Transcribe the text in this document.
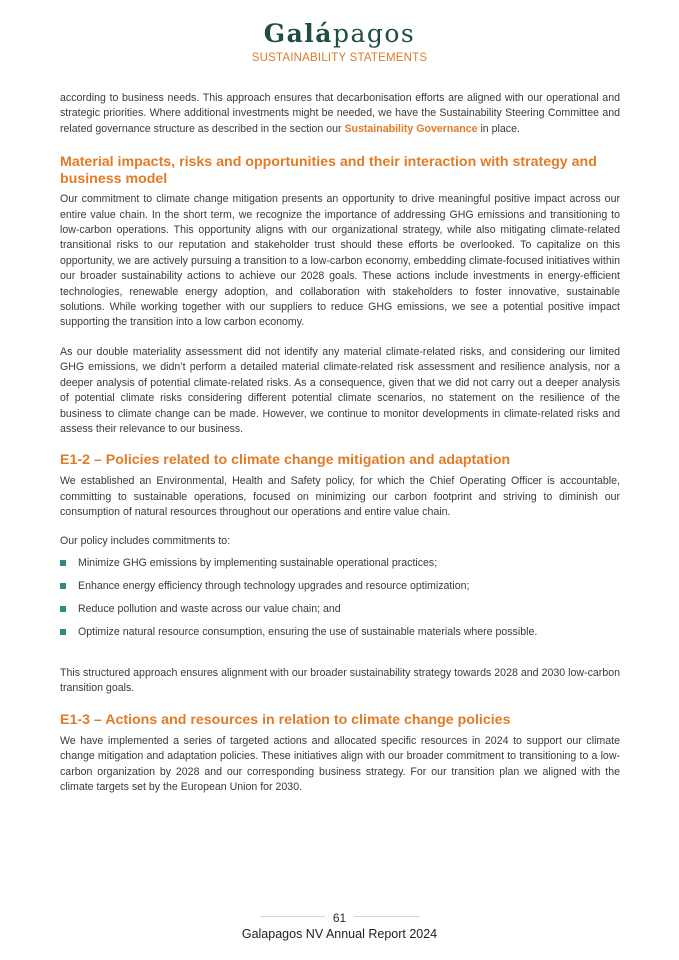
Galápagos
SUSTAINABILITY STATEMENTS

according to business needs. This approach ensures that decarbonisation efforts are aligned with our operational and strategic priorities. Where additional investments might be needed, we have the Sustainability Steering Committee and related governance structure as described in the section our Sustainability Governance in place.

Material impacts, risks and opportunities and their interaction with strategy and business model

Our commitment to climate change mitigation presents an opportunity to drive meaningful positive impact across our entire value chain. In the short term, we recognize the importance of addressing GHG emissions and transitioning to low-carbon operations. This opportunity aligns with our organizational strategy, while also mitigating climate-related transitional risks to our reputation and stakeholder trust should these efforts be overlooked. To capitalize on this opportunity, we are actively pursuing a transition to a low-carbon economy, embedding climate-focused initiatives within our broader sustainability actions to achieve our 2028 goals. These actions include investments in energy-efficient technologies, renewable energy adoption, and collaboration with stakeholders to foster innovative, sustainable solutions. While working together with our suppliers to reduce GHG emissions, we see a potential positive impact supporting the transition into a low carbon economy.

As our double materiality assessment did not identify any material climate-related risks, and considering our limited GHG emissions, we didn’t perform a detailed material climate-related risk assessment and resilience analysis, nor a deeper analysis of potential climate-related risks. As a consequence, given that we did not carry out a deeper analysis of potential climate risks considering different potential climate scenarios, no statement on the resilience of the business to climate change can be made. However, we continue to monitor developments in climate-related risks and assess their relevance to our business.

E1-2 – Policies related to climate change mitigation and adaptation

We established an Environmental, Health and Safety policy, for which the Chief Operating Officer is accountable, committing to sustainable operations, focused on minimizing our carbon footprint and striving to diminish our consumption of natural resources throughout our operations and entire value chain.

Our policy includes commitments to:

Minimize GHG emissions by implementing sustainable operational practices;
Enhance energy efficiency through technology upgrades and resource optimization;
Reduce pollution and waste across our value chain; and
Optimize natural resource consumption, ensuring the use of sustainable materials where possible.

This structured approach ensures alignment with our broader sustainability strategy towards 2028 and 2030 low-carbon transition goals.

E1-3 – Actions and resources in relation to climate change policies

We have implemented a series of targeted actions and allocated specific resources in 2024 to support our climate change mitigation and adaptation policies. These initiatives align with our broader commitment to transitioning to a low-carbon organization by 2028 and our corresponding business strategy. For our transition plan we aligned with the climate targets set by the European Union for 2030.

61
Galapagos NV Annual Report 2024
